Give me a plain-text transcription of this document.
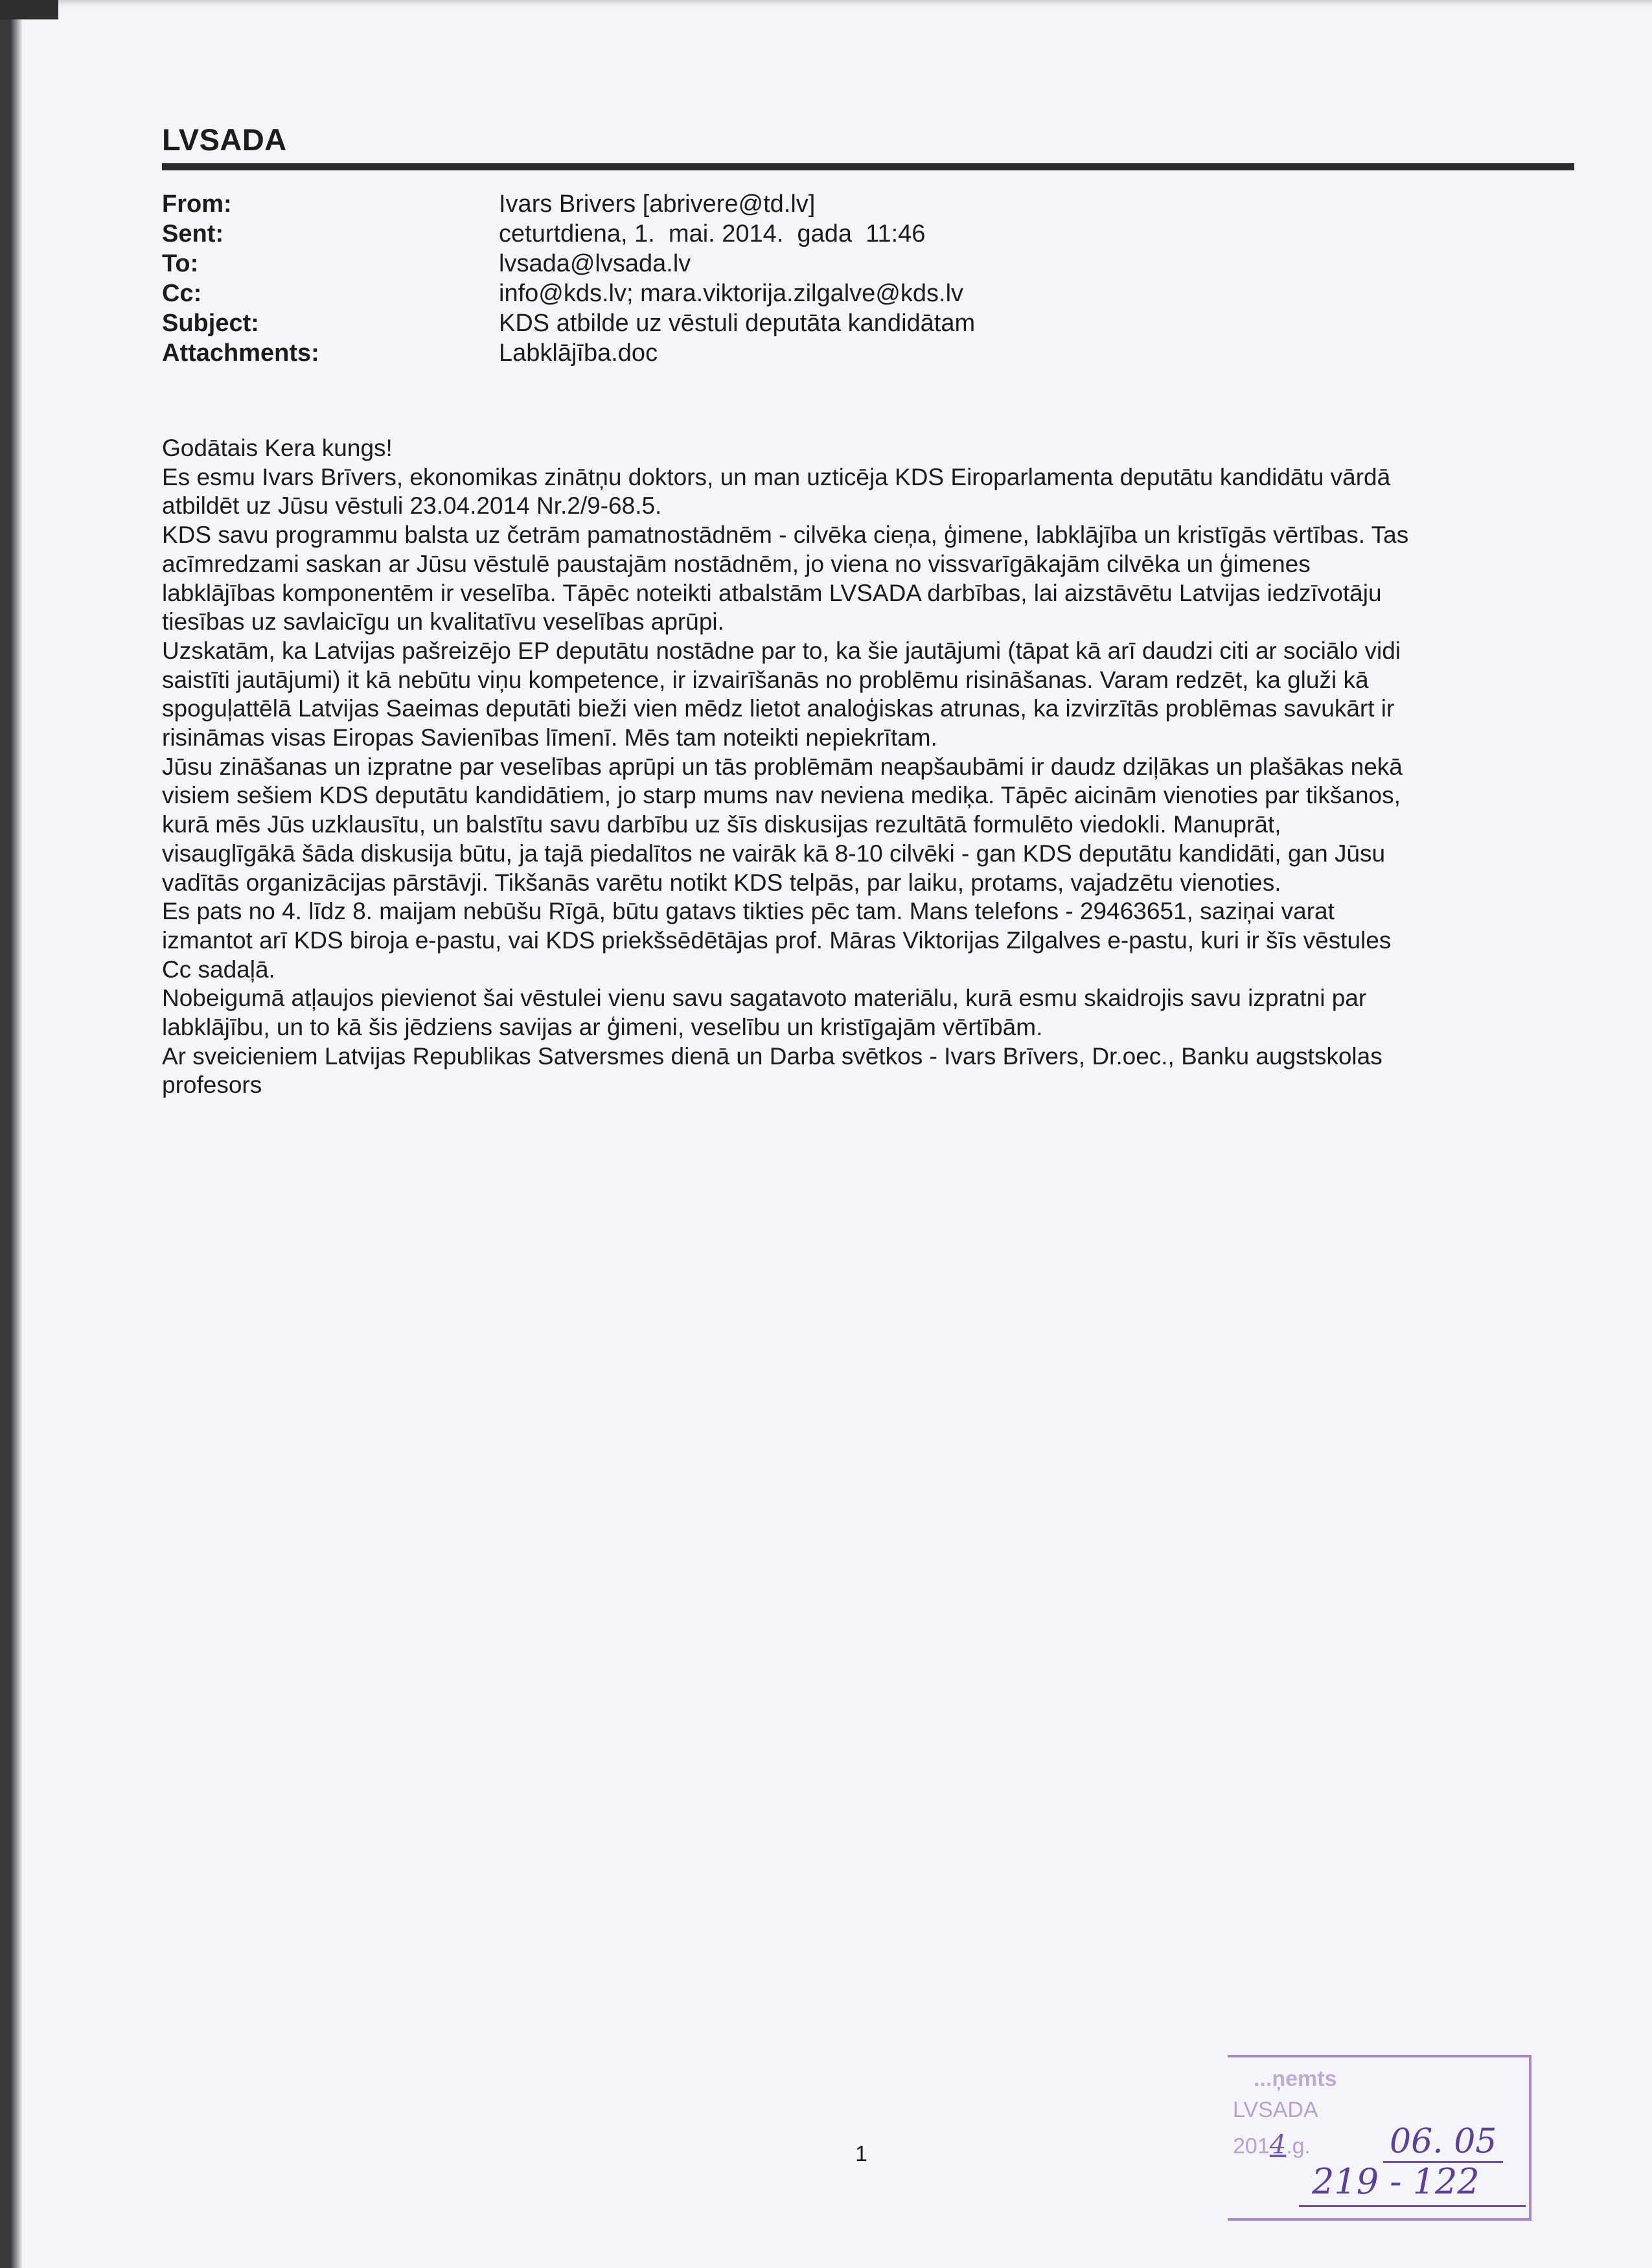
LVSADA
From:	Ivars Brivers [abrivere@td.lv]
Sent:	ceturtdiena, 1.  mai. 2014.  gada  11:46
To:	lvsada@lvsada.lv
Cc:	info@kds.lv; mara.viktorija.zilgalve@kds.lv
Subject:	KDS atbilde uz vēstuli deputāta kandidātam
Attachments:	Labklājība.doc
Godātais Kera kungs!
Es esmu Ivars Brīvers, ekonomikas zinātņu doktors, un man uzticēja KDS Eiroparlamenta deputātu kandidātu vārdā
atbildēt uz Jūsu vēstuli 23.04.2014 Nr.2/9-68.5.
KDS savu programmu balsta uz četrām pamatnostādnēm - cilvēka cieņa, ģimene, labklājība un kristīgās vērtības. Tas
acīmredzami saskan ar Jūsu vēstulē paustajām nostādnēm, jo viena no vissvarīgākajām cilvēka un ģimenes
labklājības komponentēm ir veselība. Tāpēc noteikti atbalstām LVSADA darbības, lai aizstāvētu Latvijas iedzīvotāju
tiesības uz savlaicīgu un kvalitatīvu veselības aprūpi.
Uzskatām, ka Latvijas pašreizējo EP deputātu nostādne par to, ka šie jautājumi (tāpat kā arī daudzi citi ar sociālo vidi
saistīti jautājumi) it kā nebūtu viņu kompetence, ir izvairīšanās no problēmu risināšanas. Varam redzēt, ka gluži kā
spoguļattēlā Latvijas Saeimas deputāti bieži vien mēdz lietot analoģiskas atrunas, ka izvirzītās problēmas savukārt ir
risināmas visas Eiropas Savienības līmenī. Mēs tam noteikti nepiekrītam.
Jūsu zināšanas un izpratne par veselības aprūpi un tās problēmām neapšaubāmi ir daudz dziļākas un plašākas nekā
visiem sešiem KDS deputātu kandidātiem, jo starp mums nav neviena mediķa. Tāpēc aicinām vienoties par tikšanos,
kurā mēs Jūs uzklausītu, un balstītu savu darbību uz šīs diskusijas rezultātā formulēto viedokli. Manuprāt,
visauglīgākā šāda diskusija būtu, ja tajā piedalītos ne vairāk kā 8-10 cilvēki - gan KDS deputātu kandidāti, gan Jūsu
vadītās organizācijas pārstāvji. Tikšanās varētu notikt KDS telpās, par laiku, protams, vajadzētu vienoties.
Es pats no 4. līdz 8. maijam nebūšu Rīgā, būtu gatavs tikties pēc tam. Mans telefons - 29463651, saziņai varat
izmantot arī KDS biroja e-pastu, vai KDS priekšsēdētājas prof. Māras Viktorijas Zilgalves e-pastu, kuri ir šīs vēstules
Cc sadaļā.
Nobeigumā atļaujos pievienot šai vēstulei vienu savu sagatavoto materiālu, kurā esmu skaidrojis savu izpratni par
labklājību, un to kā šis jēdziens savijas ar ģimeni, veselību un kristīgajām vērtībām.
Ar sveicieniem Latvijas Republikas Satversmes dienā un Darba svētkos - Ivars Brīvers, Dr.oec., Banku augstskolas
profesors
1
...ņemts
LVSADA
2014.g. 06. 05
219 - 122
